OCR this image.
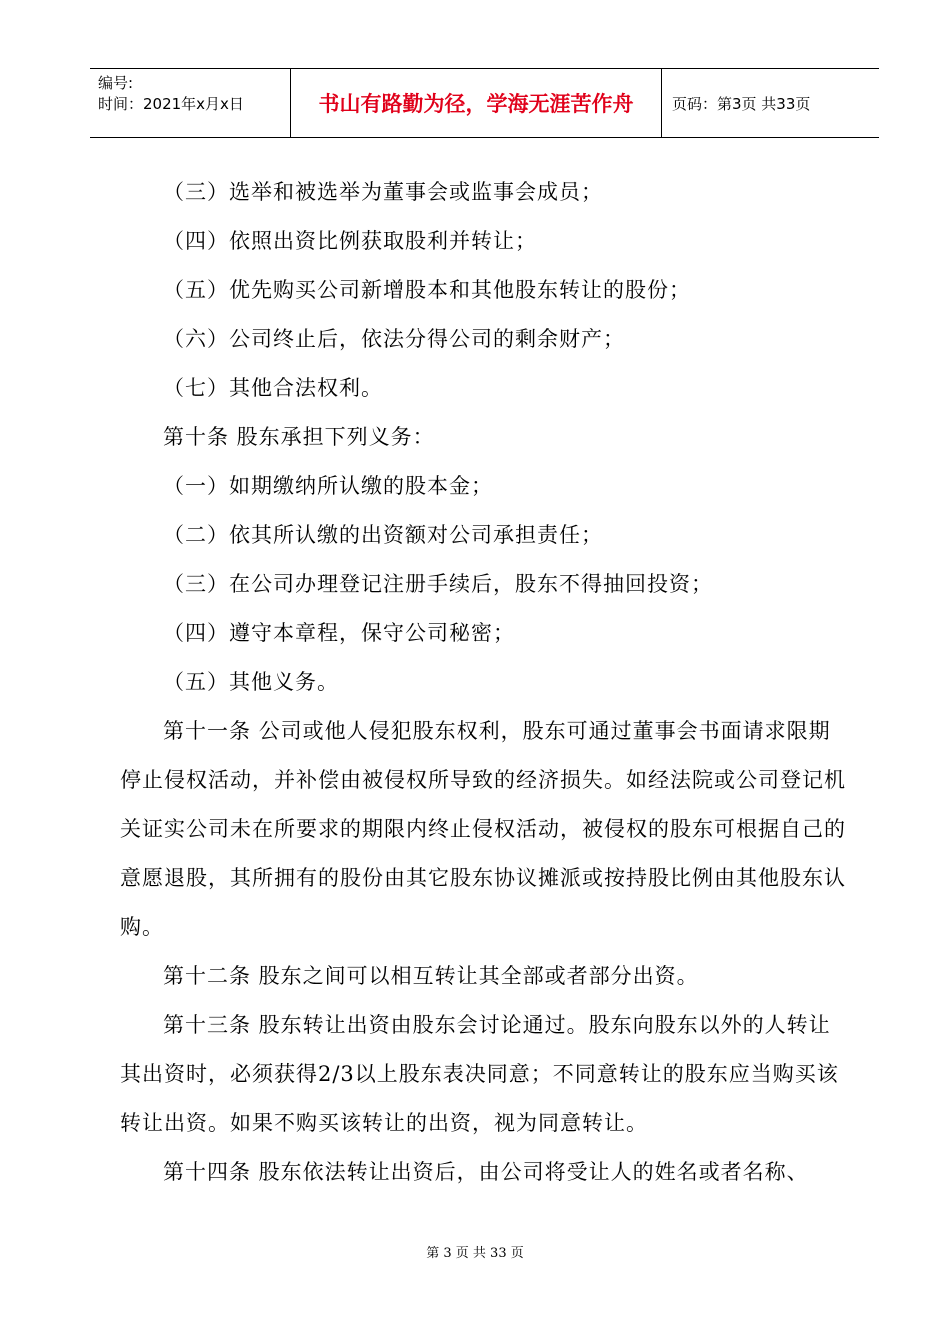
编号:
时间：2021年x月x日	书山有路勤为径，学海无涯苦作舟	页码：第3页 共33页

（三）选举和被选举为董事会或监事会成员；

（四）依照出资比例获取股利并转让；

（五）优先购买公司新增股本和其他股东转让的股份；

（六）公司终止后，依法分得公司的剩余财产；

（七）其他合法权利。

第十条 股东承担下列义务：

（一）如期缴纳所认缴的股本金；

（二）依其所认缴的出资额对公司承担责任；

（三）在公司办理登记注册手续后，股东不得抽回投资；

（四）遵守本章程，保守公司秘密；

（五）其他义务。

第十一条 公司或他人侵犯股东权利，股东可通过董事会书面请求限期停止侵权活动，并补偿由被侵权所导致的经济损失。如经法院或公司登记机关证实公司未在所要求的期限内终止侵权活动，被侵权的股东可根据自己的意愿退股，其所拥有的股份由其它股东协议摊派或按持股比例由其他股东认购。

第十二条 股东之间可以相互转让其全部或者部分出资。

第十三条 股东转让出资由股东会讨论通过。股东向股东以外的人转让其出资时，必须获得2/3以上股东表决同意；不同意转让的股东应当购买该转让出资。如果不购买该转让的出资，视为同意转让。

第十四条 股东依法转让出资后，由公司将受让人的姓名或者名称、

第 3 页 共 33 页
